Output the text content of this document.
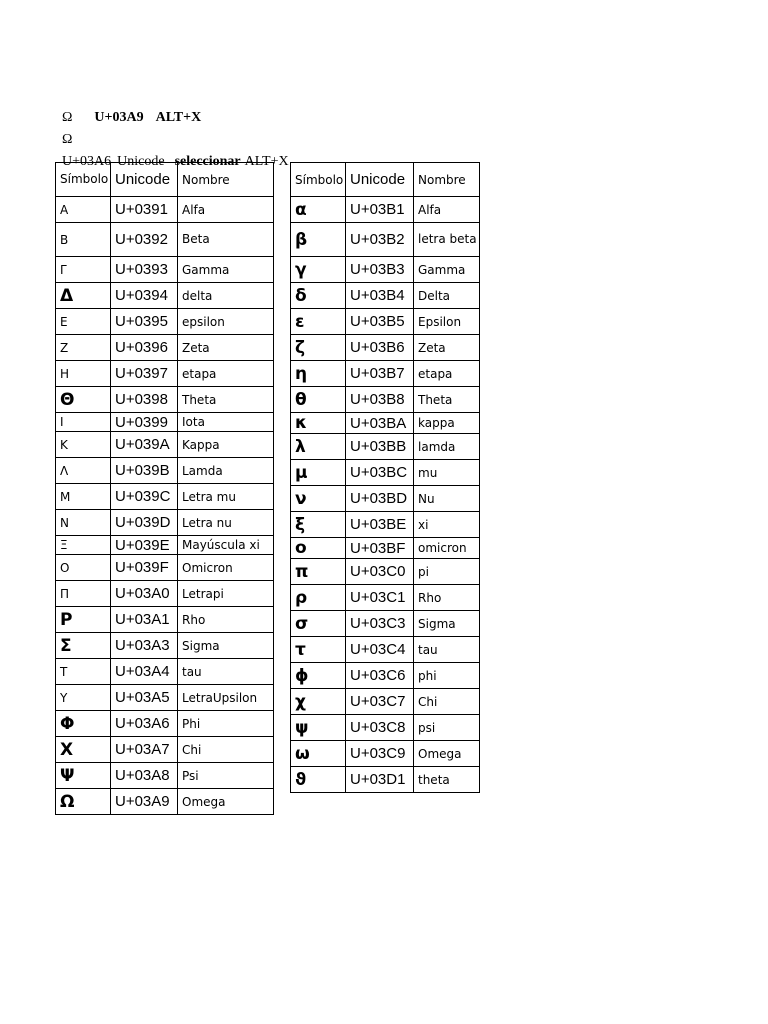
Ω U+03A9 ALT+X

Ω

U+03A6 Unicode seleccionar ALT+X

Símbolo	Unicode	Nombre
Α	U+0391	Alfa
Β	U+0392	Beta
Γ	U+0393	Gamma
Δ	U+0394	delta
Ε	U+0395	epsilon
Ζ	U+0396	Zeta
Η	U+0397	etapa
Θ	U+0398	Theta
Ι	U+0399	Iota
Κ	U+039A	Kappa
Λ	U+039B	Lamda
Μ	U+039C	Letra mu
Ν	U+039D	Letra nu
Ξ	U+039E	Mayúscula xi
Ο	U+039F	Omicron
Π	U+03A0	Letrapi
Ρ	U+03A1	Rho
Σ	U+03A3	Sigma
Τ	U+03A4	tau
Υ	U+03A5	LetraUpsilon
Φ	U+03A6	Phi
Χ	U+03A7	Chi
Ψ	U+03A8	Psi
Ω	U+03A9	Omega
Símbolo	Unicode	Nombre
α	U+03B1	Alfa
β	U+03B2	letra beta
γ	U+03B3	Gamma
δ	U+03B4	Delta
ε	U+03B5	Epsilon
ζ	U+03B6	Zeta
η	U+03B7	etapa
θ	U+03B8	Theta
κ	U+03BA	kappa
λ	U+03BB	lamda
μ	U+03BC	mu
ν	U+03BD	Nu
ξ	U+03BE	xi
ο	U+03BF	omicron
π	U+03C0	pi
ρ	U+03C1	Rho
σ	U+03C3	Sigma
τ	U+03C4	tau
ϕ	U+03C6	phi
χ	U+03C7	Chi
ψ	U+03C8	psi
ω	U+03C9	Omega
ϑ	U+03D1	theta
